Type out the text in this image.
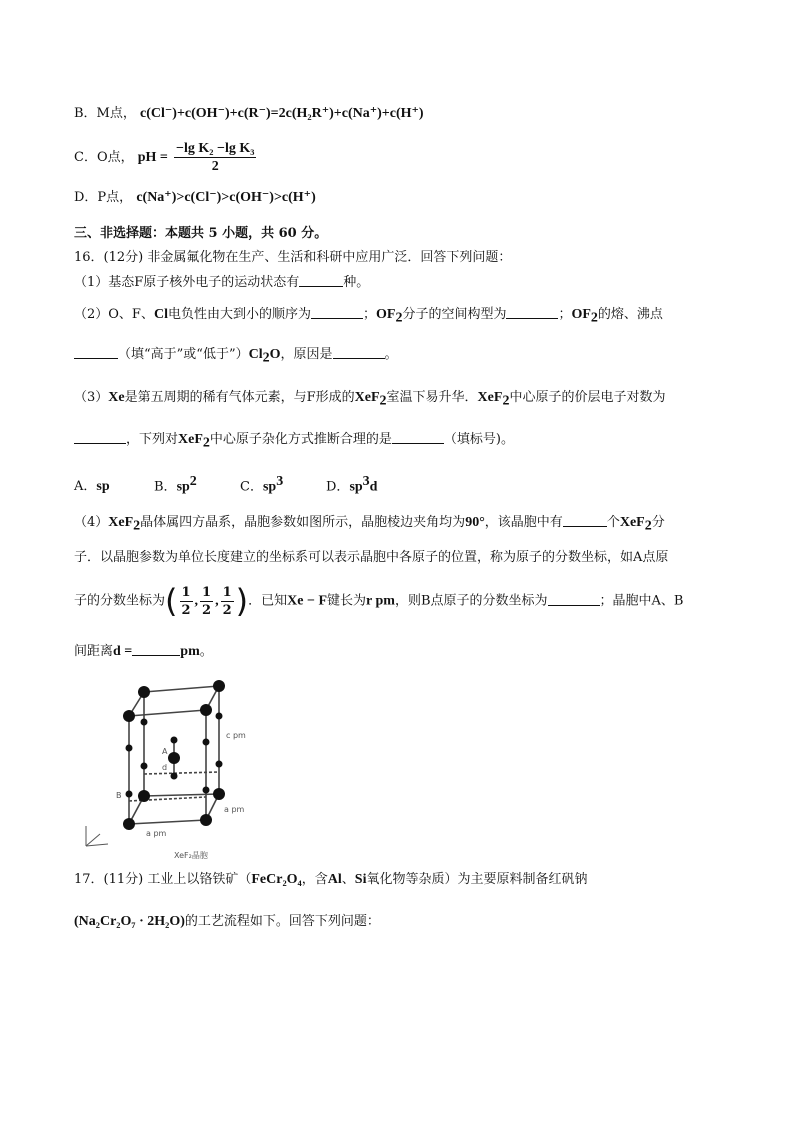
B．M点， c(Cl⁻)+c(OH⁻)+c(R⁻)=2c(H₂R⁺)+c(Na⁺)+c(H⁺)
C．O点， pH = $\frac{\text{−lg K₂ −lg K₃}}{2}$
D．P点， c(Na⁺)>c(Cl⁻)>c(OH⁻)>c(H⁺)
三、非选择题：本题共 5 小题，共 60 分。
16．(12分) 非金属氟化物在生产、生活和科研中应用广泛．回答下列问题：
（1）基态F原子核外电子的运动状态有	种。
（2）O、F、Cl电负性由大到小的顺序为	；$OF_2$分子的空间构型为	；$OF_2$的熔、沸点
（填“高于”或“低于$”)Cl_2O$，原因是	。
（3）Xe是第五周期的稀有气体元素，与F形成的XeF$_2$室温下易升华．XeF$_2$中心原子的价层电子对数为
，下列对XeF$_2$中心原子杂化方式推断合理的是	（填标号)。
A．sp	B．$sp^2$	C．$sp^3$	D．$sp^3d$
（4）XeF$_2$晶体属四方晶系，晶胞参数如图所示，晶胞棱边夹角均为90°，该晶胞中有	个XeF$_2$分
子．以晶胞参数为单位长度建立的坐标系可以表示晶胞中各原子的位置，称为原子的分数坐标，如A点原
子的分数坐标为( $\frac{1}{2}$ , $\frac{1}{2}$ , $\frac{1}{2}$ )．已知Xe − F键长为r pm，则B点原子的分数坐标为	；晶胞中A、B
间距离d =	pm。
c pm
a pm
a pm
A
d
B
XeF₂晶胞
17．(11分) 工业上以铬铁矿（FeCr₂O₄，含Al、Si氧化物等杂质）为主要原料制备红矾钠
(Na₂Cr₂O₇ · 2H₂O)的工艺流程如下。回答下列问题：
